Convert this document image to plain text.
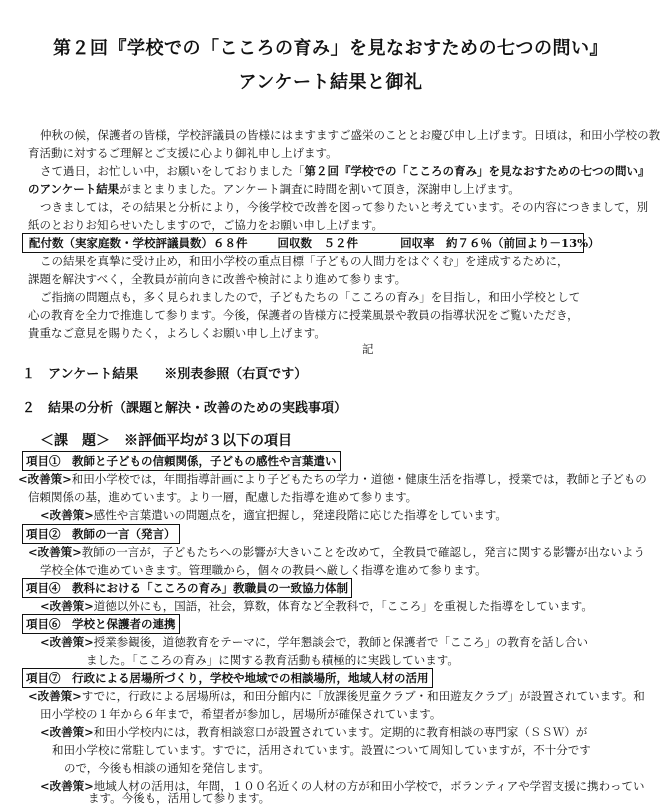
第２回『学校での「こころの育み」を見なおすための七つの問い』
アンケート結果と御礼
仲秋の候，保護者の皆様，学校評議員の皆様にはますますご盛栄のこととお慶び申し上げます。日頃は，和田小学校の教
育活動に対するご理解とご支援に心より御礼申し上げます。
さて過日，お忙しい中，お願いをしておりました「第２回『学校での「こころの育み」を見なおすための七つの問い』
のアンケート結果がまとまりました。アンケート調査に時間を割いて頂き，深謝申し上げます。
つきましては，その結果と分析により，今後学校で改善を図って参りたいと考えています。その内容につきまして，別
紙のとおりお知らせいたしますので，ご協力をお願い申し上げます。
配付数（実家庭数・学校評議員数）６８件	回収数　５２件	回収率　約７６％（前回より－13%）
この結果を真摯に受け止め，和田小学校の重点目標「子どもの人間力をはぐくむ」を達成するために，
課題を解決すべく，全教員が前向きに改善や検討により進めて参ります。
ご指摘の問題点も，多く見られましたので，子どもたちの「こころの育み」を目指し，和田小学校として
心の教育を全力で推進して参ります。今後，保護者の皆様方に授業風景や教員の指導状況をご覧いただき，
貴重なご意見を賜りたく，よろしくお願い申し上げます。
記
１　アンケート結果　　※別表参照（右頁です）
２　結果の分析（課題と解決・改善のための実践事項）
＜課　題＞　※評価平均が３以下の項目
項目①　教師と子どもの信頼関係，子どもの感性や言葉遣い
<改善策>和田小学校では，年間指導計画により子どもたちの学力・道徳・健康生活を指導し，授業では，教師と子どもの
信頼関係の基，進めています。より一層，配慮した指導を進めて参ります。
<改善策>感性や言葉遣いの問題点を，適宜把握し，発達段階に応じた指導をしています。
項目②　教師の一言（発言）
<改善策>教師の一言が，子どもたちへの影響が大きいことを改めて，全教員で確認し，発言に関する影響が出ないよう
学校全体で進めていきます。管理職から，個々の教員へ厳しく指導を進めて参ります。
項目④　教科における「こころの育み」教職員の一致協力体制
<改善策>道徳以外にも，国語，社会，算数，体育など全教科で，「こころ」を重視した指導をしています。
項目⑥　学校と保護者の連携
<改善策>授業参観後，道徳教育をテーマに，学年懇談会で，教師と保護者で「こころ」の教育を話し合い
ました。「こころの育み」に関する教育活動も積極的に実践しています。
項目⑦　行政による居場所づくり，学校や地域での相談場所，地域人材の活用
<改善策>すでに，行政による居場所は，和田分館内に「放課後児童クラブ・和田遊友クラブ」が設置されています。和
田小学校の１年から６年まで，希望者が参加し，居場所が確保されています。
<改善策>和田小学校内には，教育相談窓口が設置されています。定期的に教育相談の専門家（ＳＳＷ）が
和田小学校に常駐しています。すでに，活用されています。設置について周知していますが，不十分です
ので，今後も相談の通知を発信します。
<改善策>地域人材の活用は，年間，１００名近くの人材の方が和田小学校で，ボランティアや学習支援に携わってい
ます。今後も，活用して参ります。
